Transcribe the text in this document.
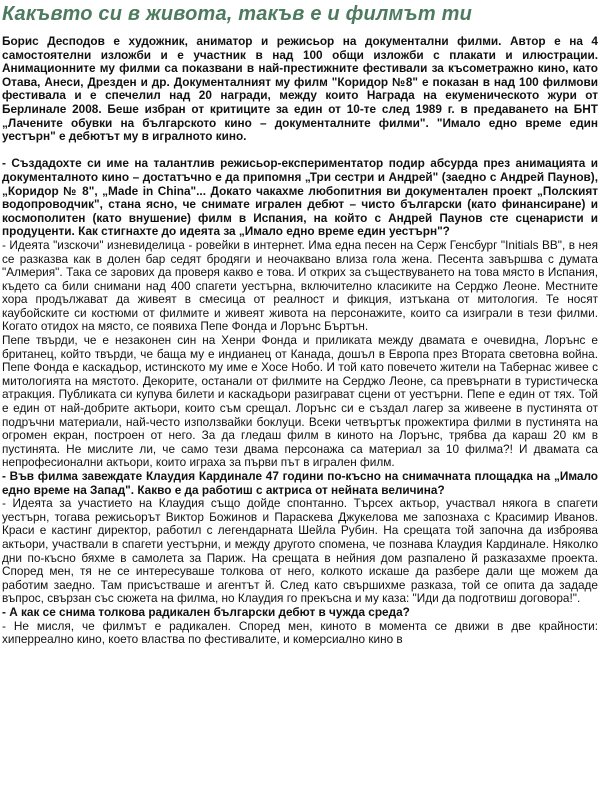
Какъвто си в живота, такъв е и филмът ти

Борис Десподов е художник, аниматор и режисьор на документални филми. Автор е на 4 самостоятелни изложби и е участник в над 100 общи изложби с плакати и илюстрации. Анимационните му филми са показвани в най-престижните фестивали за късометражно кино, като Отава, Анеси, Дрезден и др. Документалният му филм "Коридор №8" е показан в над 100 филмови фестивала и е спечелил над 20 награди, между които Награда на екуменическото жури от Берлинале 2008. Беше избран от критиците за един от 10-те след 1989 г. в предаването на БНТ „Лачените обувки на българското кино – документалните филми". "Имало едно време един уестърн" е дебютът му в игралното кино.

- Създадохте си име на талантлив режисьор-експериментатор подир абсурда през анимацията и документалното кино – достатъчно е да припомня „Три сестри и Андрей" (заедно с Андрей Паунов), „Коридор № 8", „Made in China"... Докато чакахме любопитния ви документален проект „Полският водопроводчик", стана ясно, че снимате игрален дебют – чисто български (като финансиране) и космополитен (като внушение) филм в Испания, на който с Андрей Паунов сте сценаристи и продуценти. Как стигнахте до идеята за „Имало едно време един уестърн"?

- Идеята "изскочи" изневиделица - ровейки в интернет. Има една песен на Серж Генсбург "Initials BB", в нея се разказва как в долен бар седят бродяги и неочаквано влиза гола жена. Песента завършва с думата "Алмерия". Така се зарових да проверя какво е това. И открих за съществуването на това място в Испания, където са били снимани над 400 спагети уестърна, включително класиките на Серджо Леоне. Местните хора продължават да живеят в смесица от реалност и фикция, изтъкана от митология. Те носят каубойските си костюми от филмите и живеят живота на персонажите, които са изиграли в тези филми. Когато отидох на място, се появиха Пепе Фонда и Лорънс Бъртън.

Пепе твърди, че е незаконен син на Хенри Фонда и приликата между двамата е очевидна, Лорънс е британец, който твърди, че баща му е индианец от Канада, дошъл в Европа през Втората световна война. Пепе Фонда е каскадьор, истинското му име е Хосе Нобо. И той като повечето жители на Табернас живее с митологията на мястото. Декорите, останали от филмите на Серджо Леоне, са превърнати в туристическа атракция. Публиката си купува билети и каскадьори разиграват сцени от уестърни. Пепе е един от тях. Той е един от най-добрите актьори, които съм срещал. Лорънс си е създал лагер за живеене в пустинята от подръчни материали, най-често използвайки боклуци. Всеки четвъртък прожектира филми в пустинята на огромен екран, построен от него. За да гледаш филм в киното на Лорънс, трябва да караш 20 км в пустинята. Не мислите ли, че само тези двама персонажа са материал за 10 филма?! И двамата са непрофесионални актьори, които играха за първи път в игрален филм.

- Във филма завеждате Клаудия Кардинале 47 години по-късно на снимачната площадка на „Имало едно време на Запад". Какво е да работиш с актриса от нейната величина?

- Идеята за участието на Клаудия също дойде спонтанно. Търсех актьор, участвал някога в спагети уестърн, тогава режисьорът Виктор Божинов и Параскева Джукелова ме запознаха с Красимир Иванов. Краси е кастинг директор, работил с легендарната Шейла Рубин. На срещата той започна да изброява актьори, участвали в спагети уестърни, и между другото спомена, че познава Клаудия Кардинале. Няколко дни по-късно бяхме в самолета за Париж. На срещата в нейния дом разпалено й разказахме проекта. Според мен, тя не се интересуваше толкова от него, колкото искаше да разбере дали ще можем да работим заедно. Там присъстваше и агентът й. След като свършихме разказа, той се опита да зададе въпрос, свързан със сюжета на филма, но Клаудия го прекъсна и му каза: "Иди да подготвиш договора!".

- А как се снима толкова радикален български дебют в чужда среда?

- Не мисля, че филмът е радикален. Според мен, киното в момента се движи в две крайности: хиперреално кино, което властва по фестивалите, и комерсиално кино в
